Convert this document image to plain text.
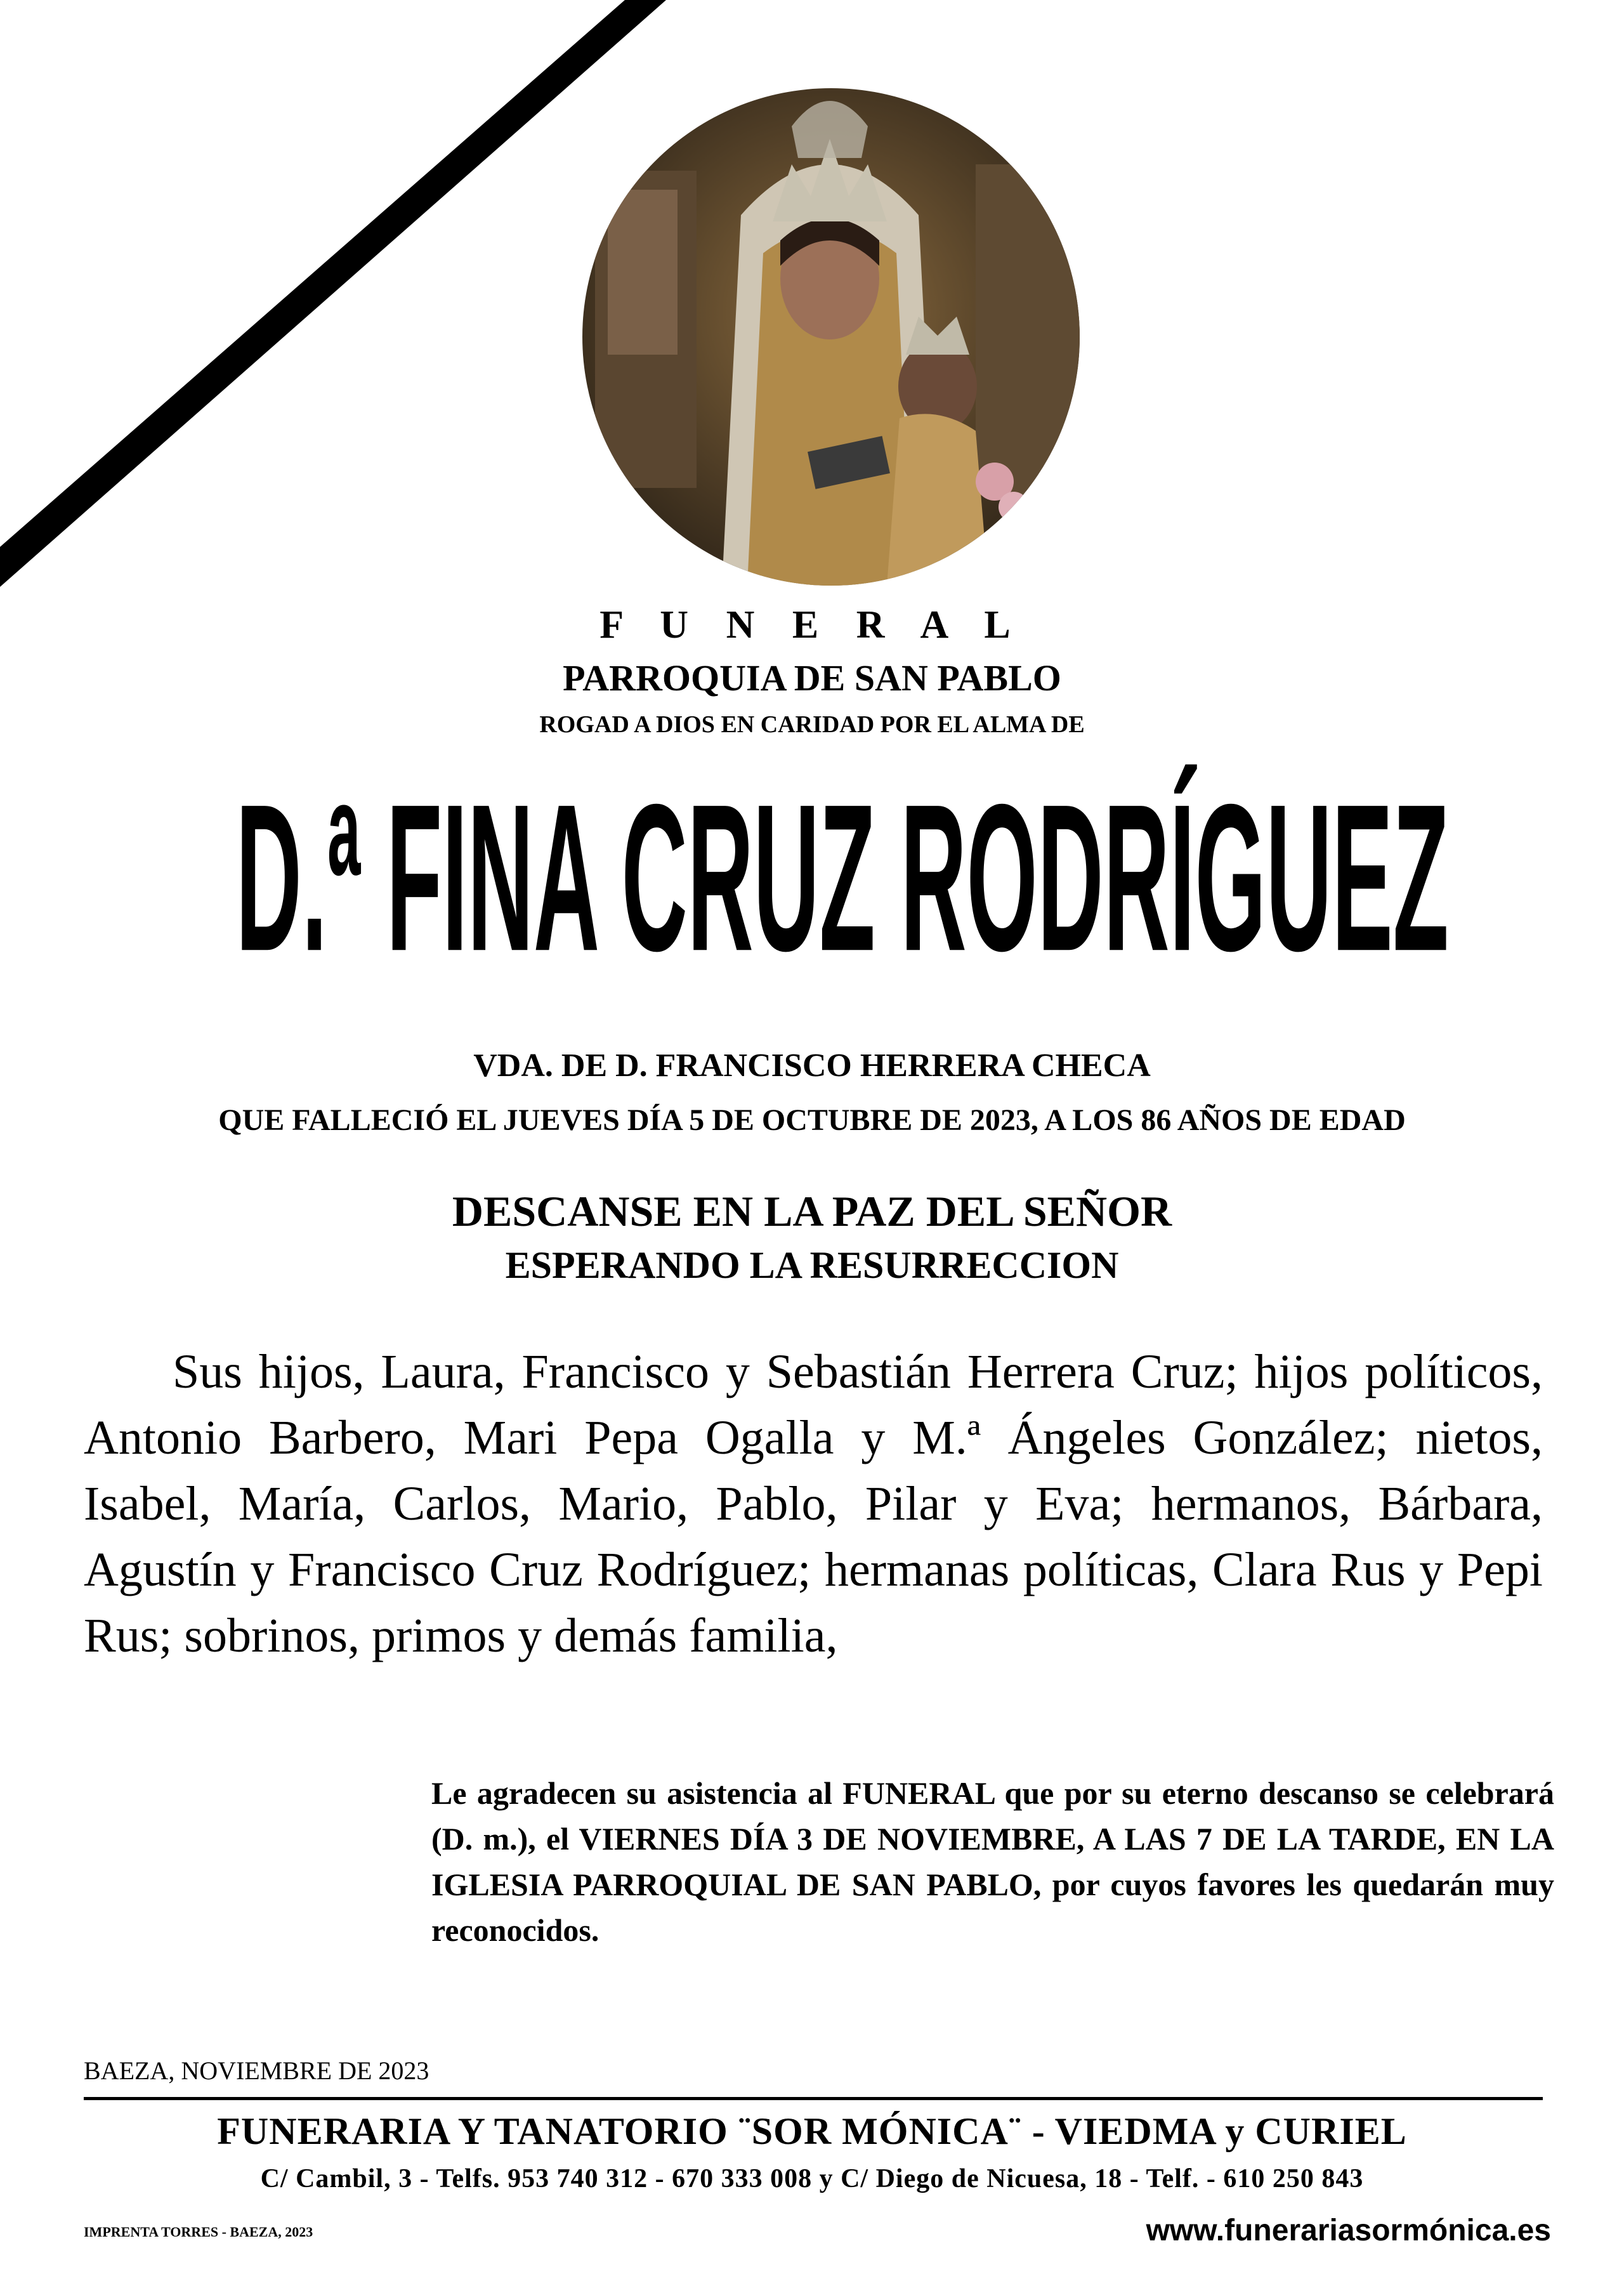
F U N E R A L
PARROQUIA DE SAN PABLO
ROGAD A DIOS EN CARIDAD POR EL ALMA DE
D.ª FINA CRUZ RODRÍGUEZ
VDA. DE D. FRANCISCO HERRERA CHECA
QUE FALLECIÓ EL JUEVES DÍA 5 DE OCTUBRE DE 2023, A LOS 86 AÑOS DE EDAD
DESCANSE EN LA PAZ DEL SEÑOR
ESPERANDO LA RESURRECCION

Sus hijos, Laura, Francisco y Sebastián Herrera Cruz; hijos políticos, Antonio Barbero, Mari Pepa Ogalla y M.ª Ángeles González; nietos, Isabel, María, Carlos, Mario, Pablo, Pilar y Eva; hermanos, Bárbara, Agustín y Francisco Cruz Rodríguez; hermanas políticas, Clara Rus y Pepi Rus; sobrinos, primos y demás familia,

Le agradecen su asistencia al FUNERAL que por su eterno descanso se celebrará (D. m.), el VIERNES DÍA 3 DE NOVIEMBRE, A LAS 7 DE LA TARDE, EN LA IGLESIA PARROQUIAL DE SAN PABLO, por cuyos favores les quedarán muy reconocidos.

BAEZA, NOVIEMBRE DE 2023
FUNERARIA Y TANATORIO ¨SOR MÓNICA¨ - VIEDMA y CURIEL
C/ Cambil, 3 - Telfs. 953 740 312 - 670 333 008 y C/ Diego de Nicuesa, 18 - Telf. - 610 250 843
IMPRENTA TORRES - BAEZA, 2023	www.funerariasormónica.es
